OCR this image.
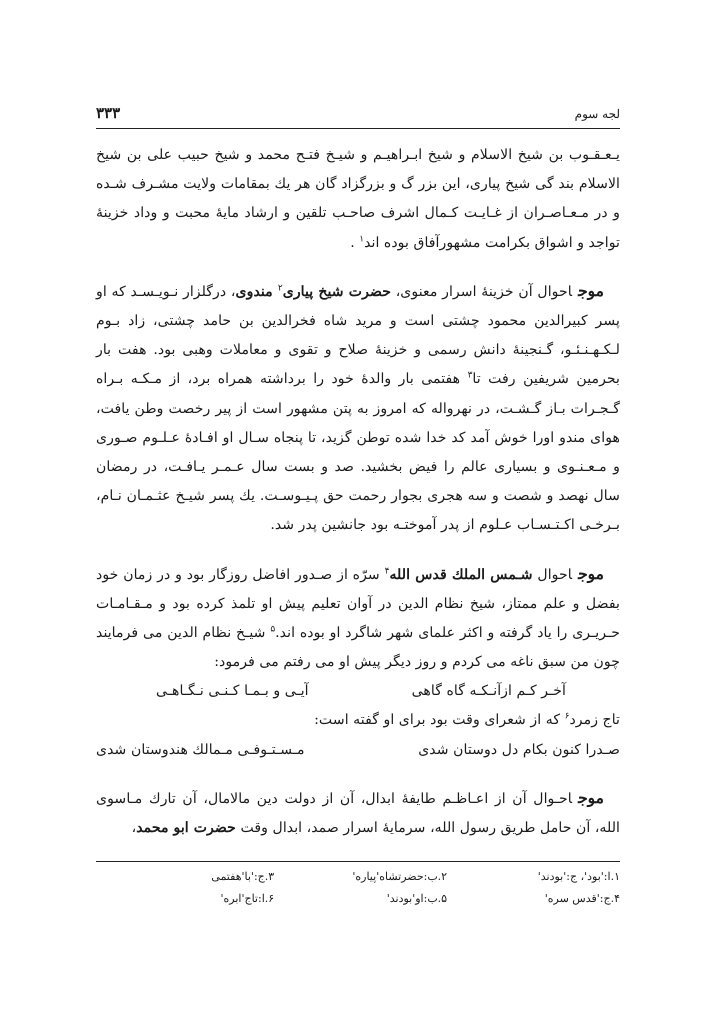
لجه سوم
۳۳۳

یـعـقـوب بن شیخ الاسلام و شیخ ابـراهیـم و شیـخ فتـح محمد و شیخ حبیب علی بن شیخ الاسلام بند گی شیخ پیاری، این بزر گ و بزرگزاد گان هر یك بمقامات ولایت مشـرف شـده و در مـعـاصـران از غـایـت کـمال اشرف صاحـب تلقین و ارشاد مایهٔ محبت و وداد خزینهٔ تواجد و اشواق بکرامت مشهورآفاق بوده اند$^۱$ .

موجاحوال آن خزینهٔ اسرار معنوی، حضرت شیخ پیاری$^۲$ مندوی، درگلزار نـویـسـد که او پسر کبیرالدین محمود چشتی است و مرید شاه فخرالدین بن حامد چشتی، زاد بـوم لـکـهـنـئـو، گـنجینهٔ دانش رسمی و خزینهٔ صلاح و تقوی و معاملات وهبی بود. هفت بار بحرمین شریفین رفت تا$^۳$ هفتمی بار والدهٔ خود را برداشته همراه برد، از مـکـه بـراه گـجـرات بـاز گـشـت، در نهرواله که امروز به پتن مشهور است از پیر رخصت وطن یافت، هوای مندو اورا خوش آمد کد خدا شده توطن گزید، تا پنجاه سـال او افـادهٔ عـلـوم صـوری و مـعـنـوی و بسیاری عالم را فیض بخشید. صد و بست سال عـمـر یـافـت، در رمضان سال نهصد و شصت و سه هجری بجوار رحمت حق پـیـوسـت. یك پسر شیـخ عثـمـان نـام، بـرخـی اکـتـسـاب عـلوم از پدر آموختـه بود جانشین پدر شد.

موجاحوال شـمس الملك قدس الله$^۴$ سرّه از صـدور افاضل روزگار بود و در زمان خود بفضل و علم ممتاز، شیخ نظام الدین در آوان تعلیم پیش او تلمذ کرده بود و مـقـامـات حـریـری را یاد گرفته و اکثر علمای شهر شاگرد او بوده اند.$^۵$ شیـخ نظام الدین می فرمایند چون من سبق ناغه می کردم و روز دیگر پیش او می رفتم می فرمود:

آخـر کـم ازآنـکـه گاه گاهی
آیـی و بـمـا کـنـی نـگـاهـی

تاج زمرد$^۶$ که از شعرای وقت بود برای او گفته است:

صـدرا کنون بکام دل دوستان شدی
مـسـتـوفـی مـمالك هندوستان شدی

موجاحـوال آن از اعـاظـم طایفهٔ ابدال، آن از دولت دین مالامال، آن تارك مـاسوی الله، آن حامل طریق رسول الله، سرمایهٔ اسرار صمد، ابدال وقت حضرت ابو محمد،

۱.ا:'بود'، ج:'بودند'
۲.ب:حضرتشاه'پیاره'
۳.ج:'با'هفتمی
۴.ج:'قدس سره'
۵.ب:او'بودند'
۶.ا:تاج'ابره'
